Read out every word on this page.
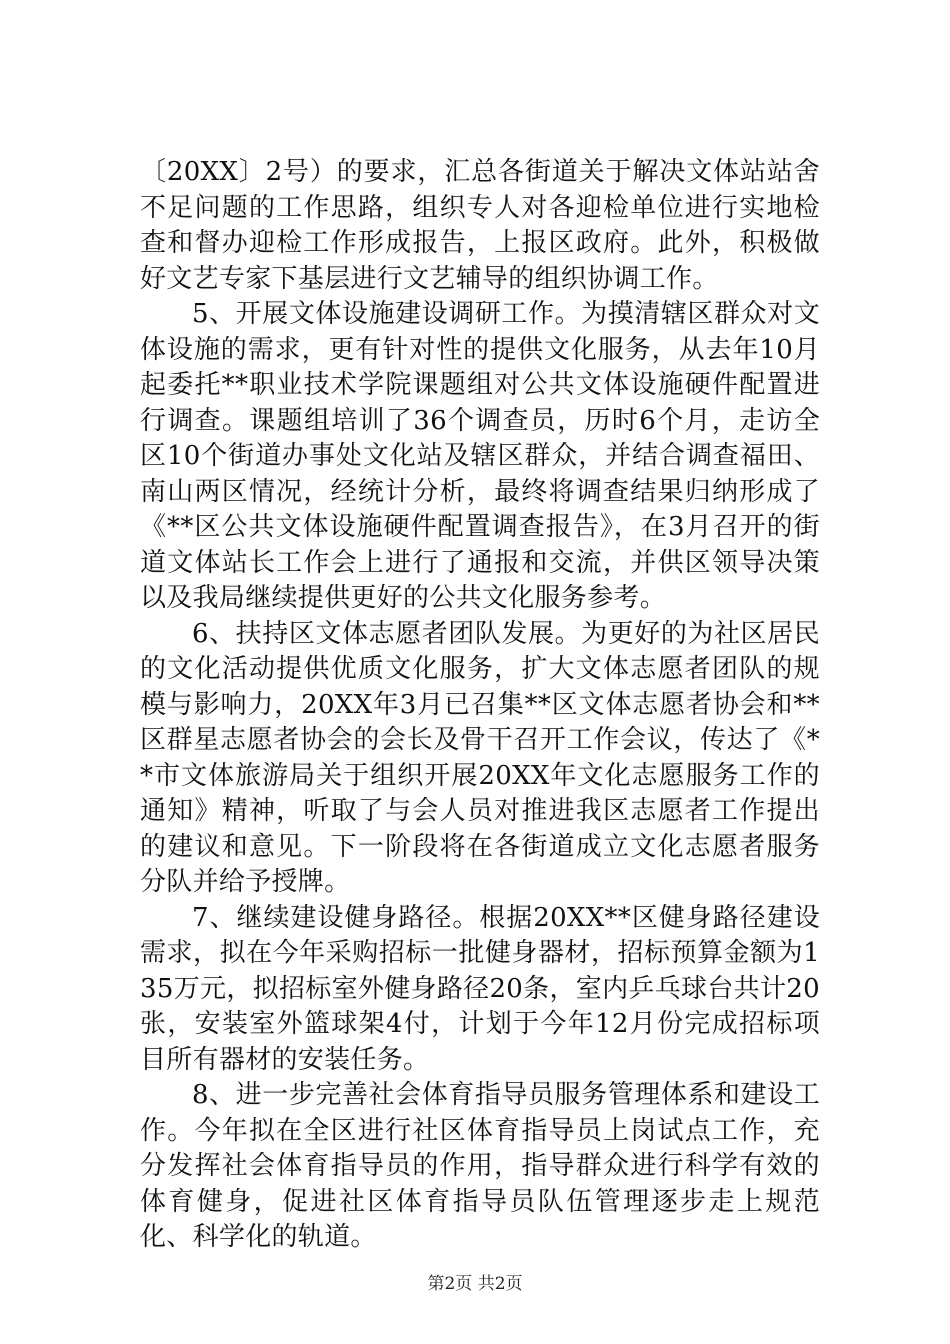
〔20XX〕2号）的要求，汇总各街道关于解决文体站站舍不足问题的工作思路，组织专人对各迎检单位进行实地检查和督办迎检工作形成报告，上报区政府。此外，积极做好文艺专家下基层进行文艺辅导的组织协调工作。

5、开展文体设施建设调研工作。为摸清辖区群众对文体设施的需求，更有针对性的提供文化服务，从去年10月起委托**职业技术学院课题组对公共文体设施硬件配置进行调查。课题组培训了36个调查员，历时6个月，走访全区10个街道办事处文化站及辖区群众，并结合调查福田、南山两区情况，经统计分析，最终将调查结果归纳形成了《**区公共文体设施硬件配置调查报告》，在3月召开的街道文体站长工作会上进行了通报和交流，并供区领导决策以及我局继续提供更好的公共文化服务参考。

6、扶持区文体志愿者团队发展。为更好的为社区居民的文化活动提供优质文化服务，扩大文体志愿者团队的规模与影响力，20XX年3月已召集**区文体志愿者协会和**区群星志愿者协会的会长及骨干召开工作会议，传达了《**市文体旅游局关于组织开展20XX年文化志愿服务工作的通知》精神，听取了与会人员对推进我区志愿者工作提出的建议和意见。下一阶段将在各街道成立文化志愿者服务分队并给予授牌。

7、继续建设健身路径。根据20XX**区健身路径建设需求，拟在今年采购招标一批健身器材，招标预算金额为135万元，拟招标室外健身路径20条，室内乒乓球台共计20张，安装室外篮球架4付，计划于今年12月份完成招标项目所有器材的安装任务。

8、进一步完善社会体育指导员服务管理体系和建设工作。今年拟在全区进行社区体育指导员上岗试点工作，充分发挥社会体育指导员的作用，指导群众进行科学有效的体育健身，促进社区体育指导员队伍管理逐步走上规范化、科学化的轨道。

第2页 共2页
